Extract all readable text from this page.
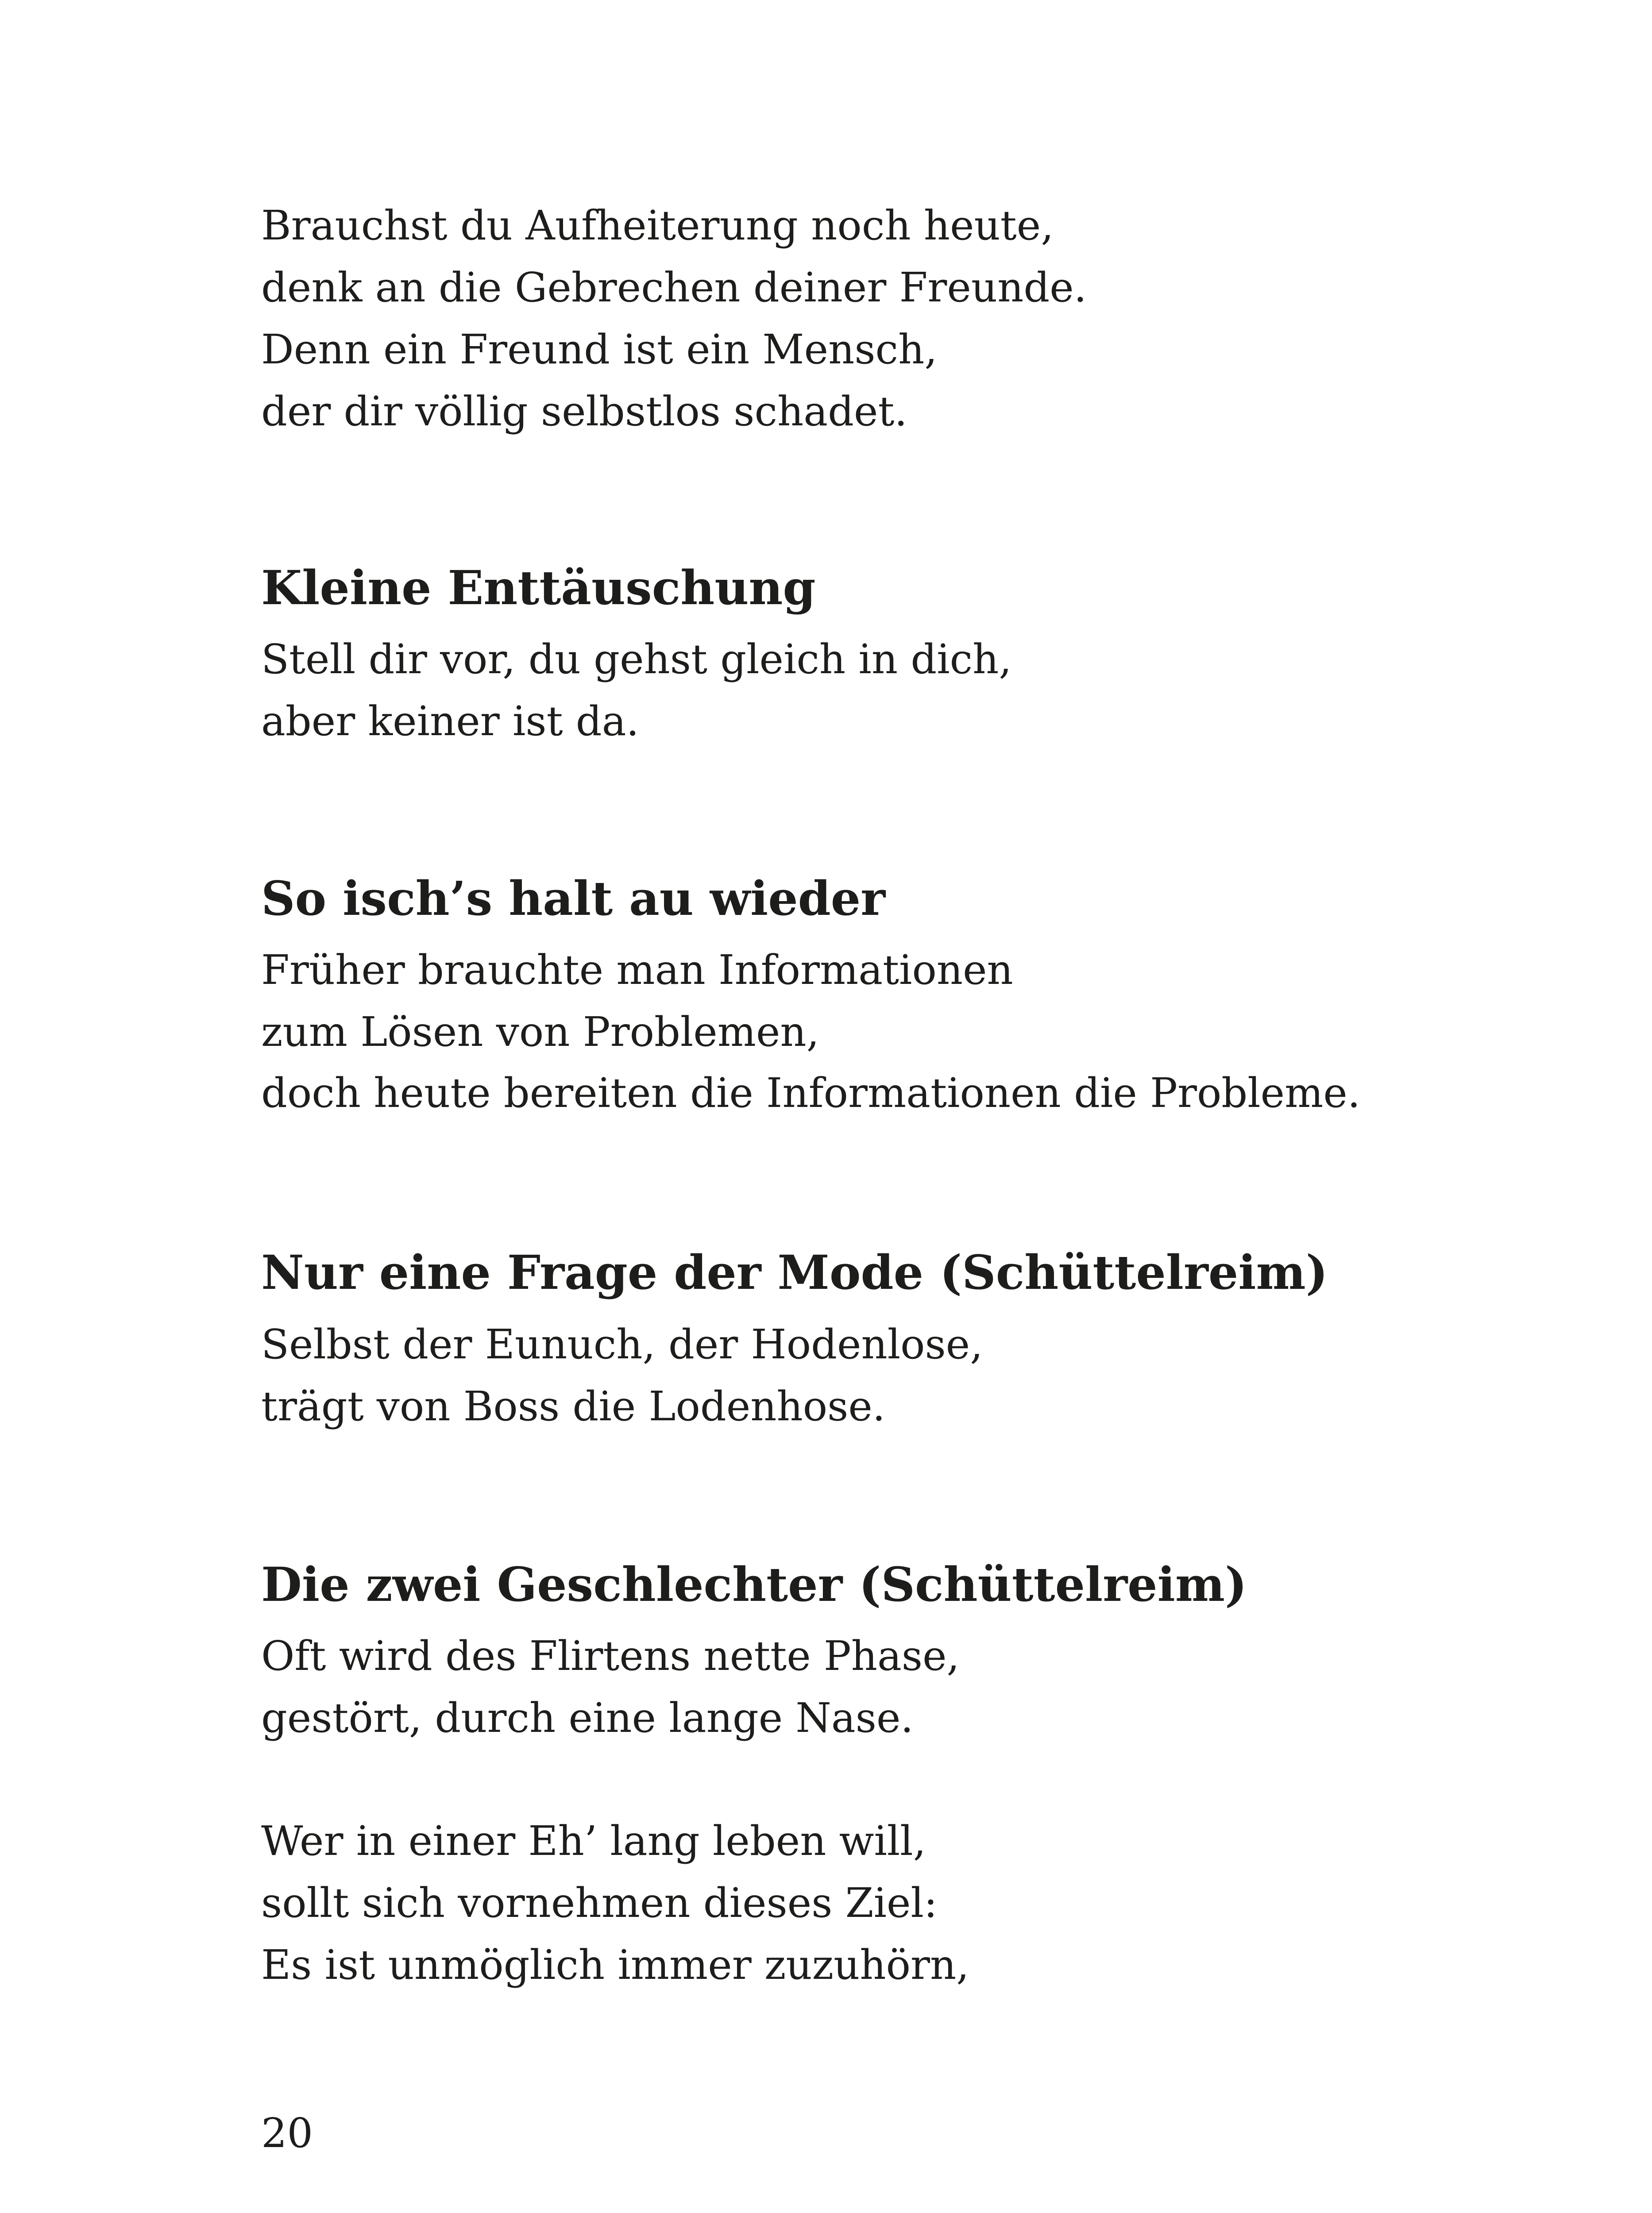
Brauchst du Aufheiterung noch heute,
denk an die Gebrechen deiner Freunde.
Denn ein Freund ist ein Mensch,
der dir völlig selbstlos schadet.
Kleine Enttäuschung
Stell dir vor, du gehst gleich in dich,
aber keiner ist da.
So isch’s halt au wieder
Früher brauchte man Informationen
zum Lösen von Problemen,
doch heute bereiten die Informationen die Probleme.
Nur eine Frage der Mode (Schüttelreim)
Selbst der Eunuch, der Hodenlose,
trägt von Boss die Lodenhose.
Die zwei Geschlechter (Schüttelreim)
Oft wird des Flirtens nette Phase,
gestört, durch eine lange Nase.
Wer in einer Eh’ lang leben will,
sollt sich vornehmen dieses Ziel:
Es ist unmöglich immer zuzuhörn,
20
